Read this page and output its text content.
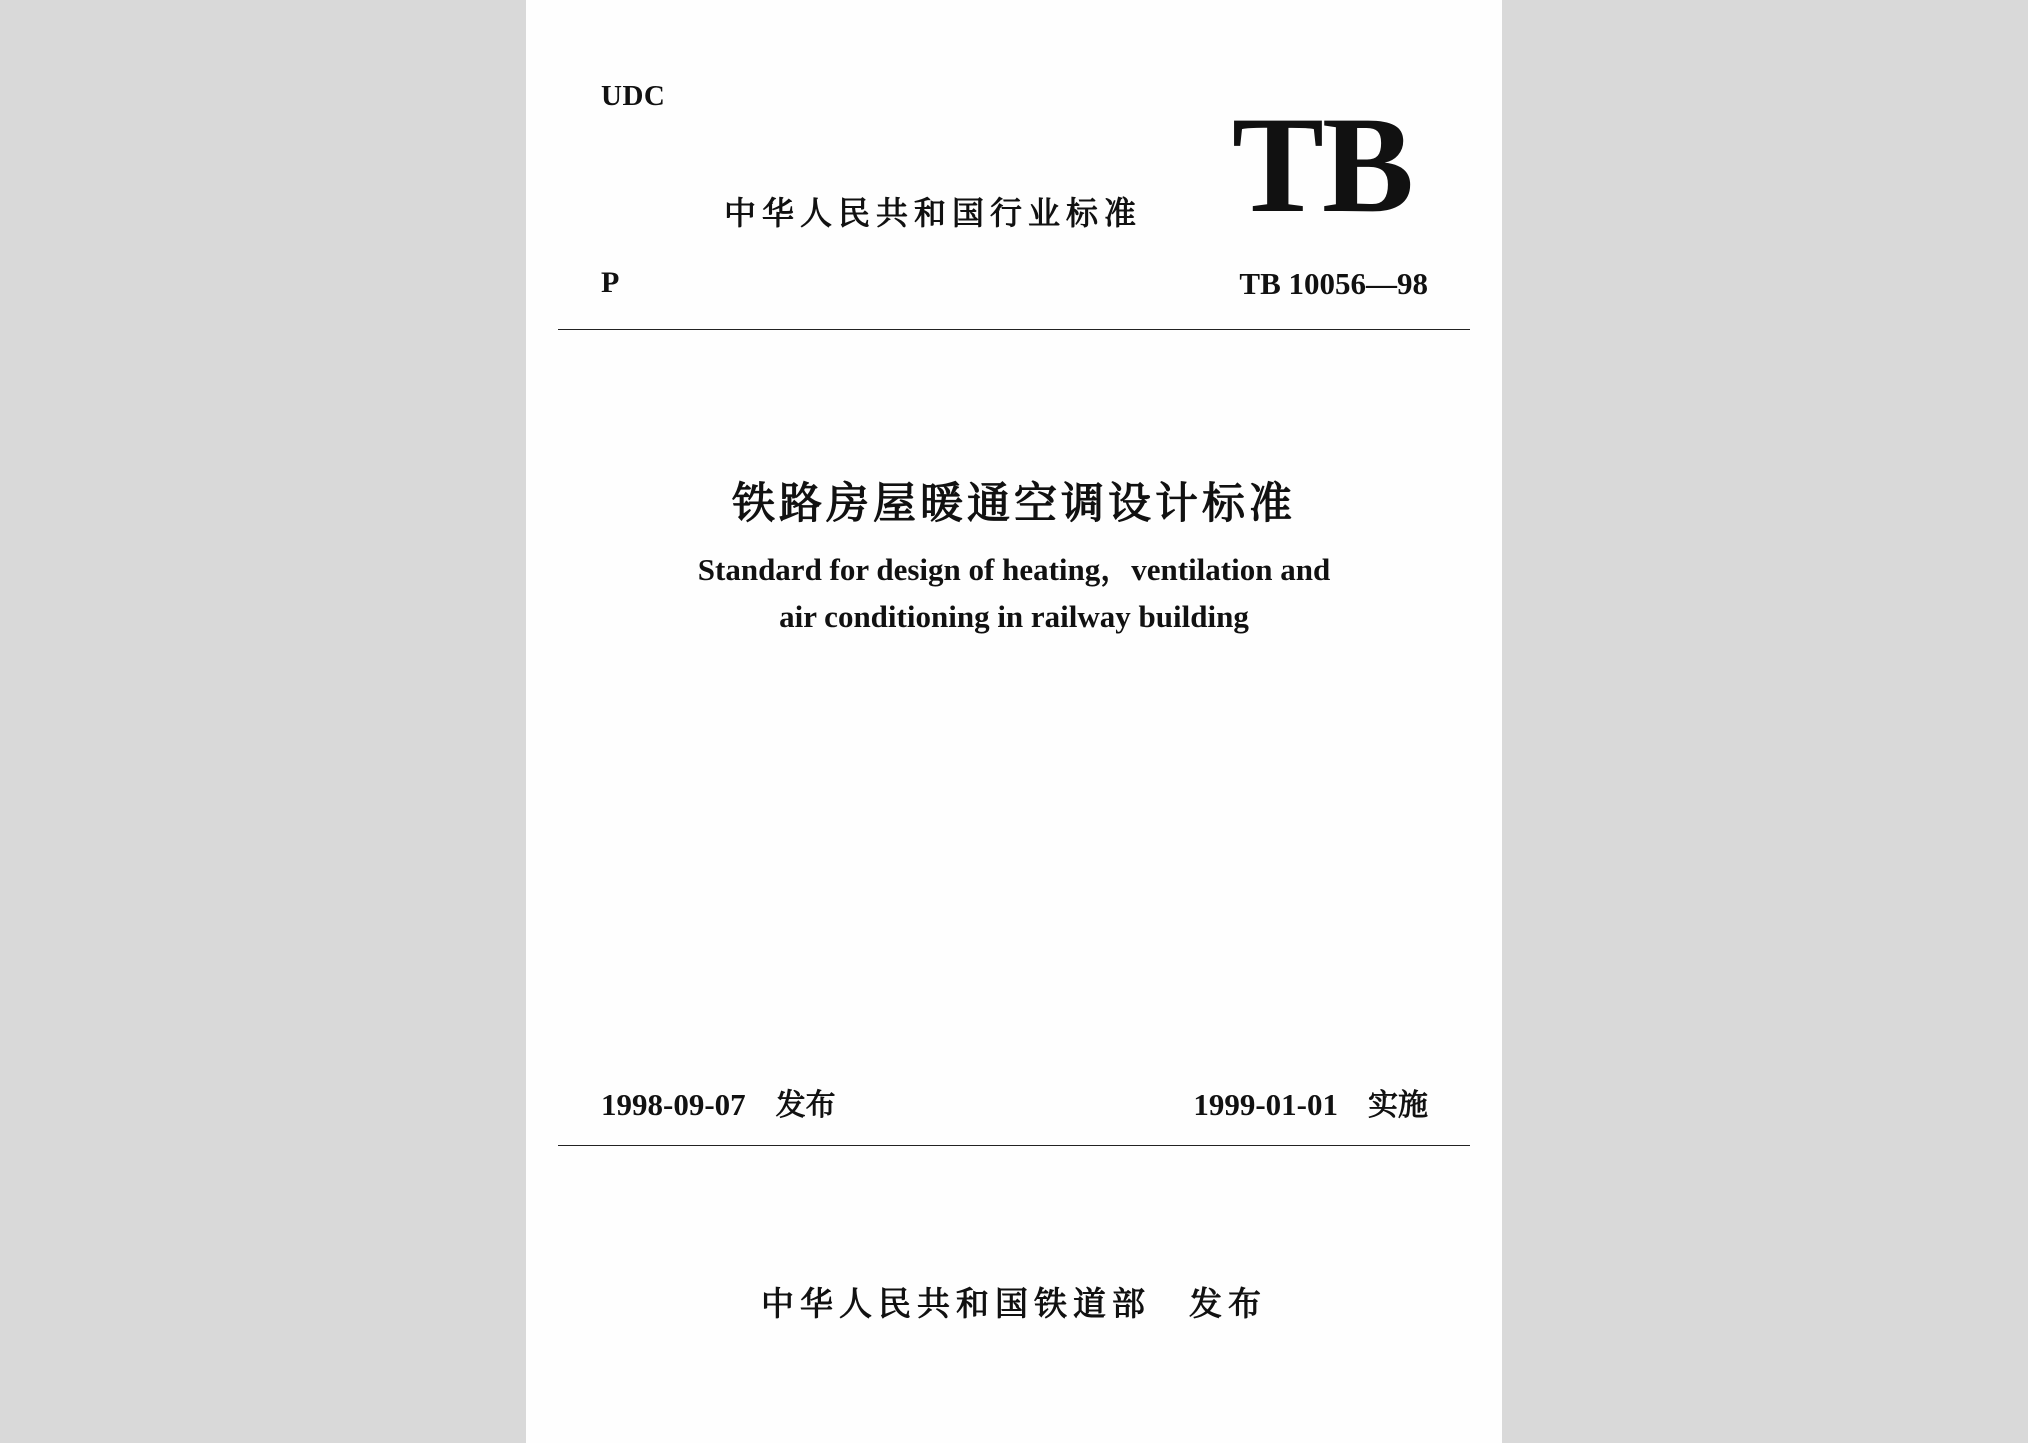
UDC	TB
中华人民共和国行业标准
P	TB 10056—98
铁路房屋暖通空调设计标准
Standard for design of heating，ventilation and
air conditioning in railway building
1998-09-07 发布	1999-01-01 实施
中华人民共和国铁道部 发布
